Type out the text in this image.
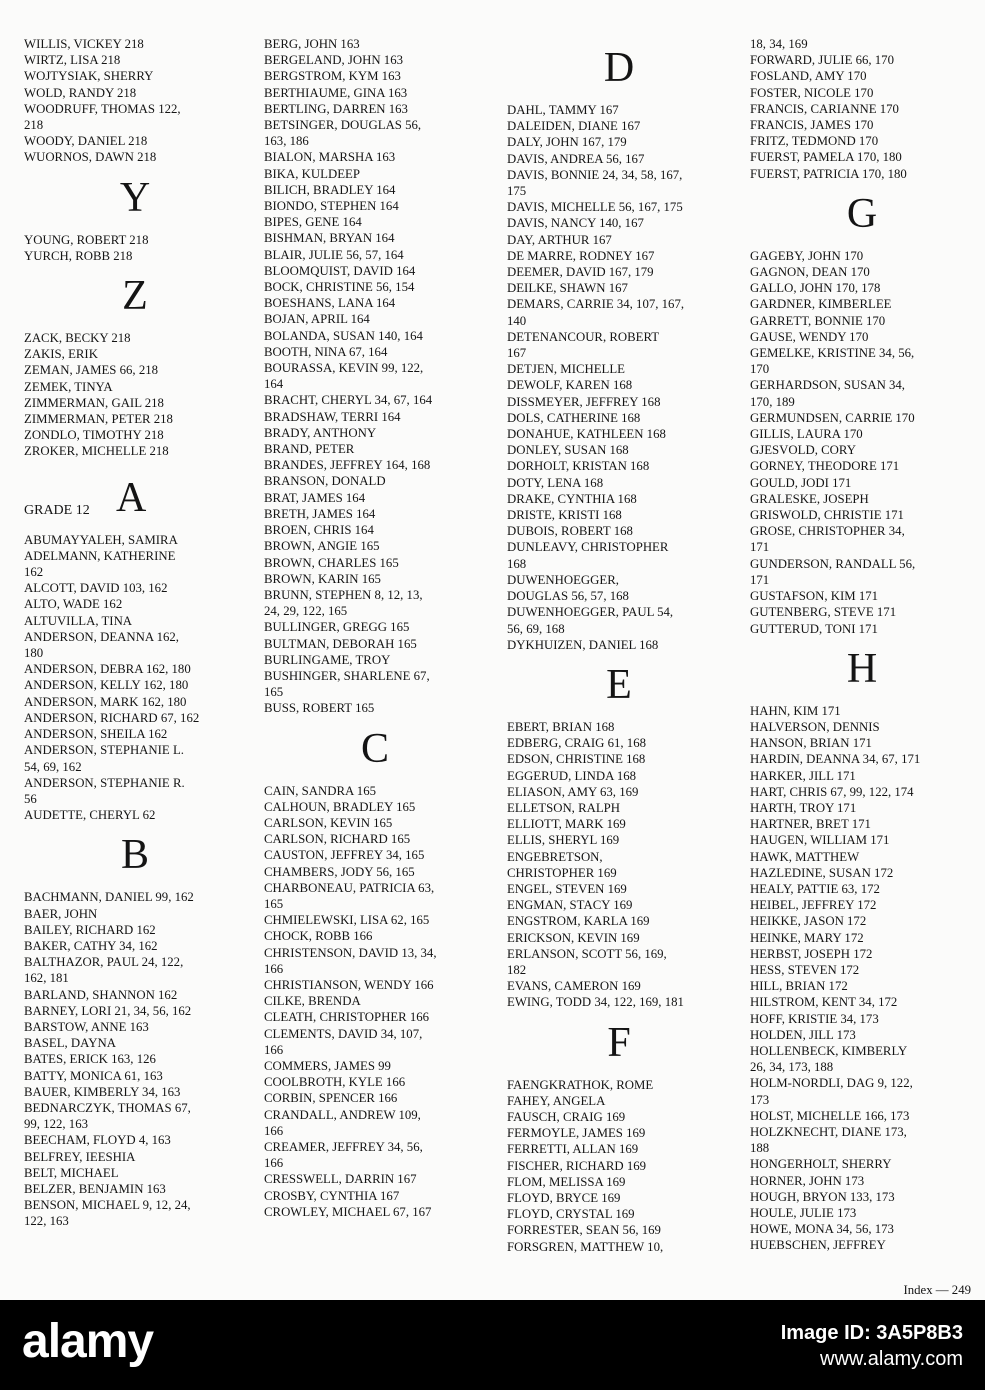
WILLIS, VICKEY 218
WIRTZ, LISA 218
WOJTYSIAK, SHERRY
WOLD, RANDY 218
WOODRUFF, THOMAS 122,
218
WOODY, DANIEL 218
WUORNOS, DAWN 218
Y
YOUNG, ROBERT 218
YURCH, ROBB 218
Z
ZACK, BECKY 218
ZAKIS, ERIK
ZEMAN, JAMES 66, 218
ZEMEK, TINYA
ZIMMERMAN, GAIL 218
ZIMMERMAN, PETER 218
ZONDLO, TIMOTHY 218
ZROKER, MICHELLE 218
GRADE 12 A
ABUMAYYALEH, SAMIRA
ADELMANN, KATHERINE
162
ALCOTT, DAVID 103, 162
ALTO, WADE 162
ALTUVILLA, TINA
ANDERSON, DEANNA 162,
180
ANDERSON, DEBRA 162, 180
ANDERSON, KELLY 162, 180
ANDERSON, MARK 162, 180
ANDERSON, RICHARD 67, 162
ANDERSON, SHEILA 162
ANDERSON, STEPHANIE L.
54, 69, 162
ANDERSON, STEPHANIE R.
56
AUDETTE, CHERYL 62
B
BACHMANN, DANIEL 99, 162
BAER, JOHN
BAILEY, RICHARD 162
BAKER, CATHY 34, 162
BALTHAZOR, PAUL 24, 122,
162, 181
BARLAND, SHANNON 162
BARNEY, LORI 21, 34, 56, 162
BARSTOW, ANNE 163
BASEL, DAYNA
BATES, ERICK 163, 126
BATTY, MONICA 61, 163
BAUER, KIMBERLY 34, 163
BEDNARCZYK, THOMAS 67,
99, 122, 163
BEECHAM, FLOYD 4, 163
BELFREY, IEESHIA
BELT, MICHAEL
BELZER, BENJAMIN 163
BENSON, MICHAEL 9, 12, 24,
122, 163
BERG, JOHN 163
BERGELAND, JOHN 163
BERGSTROM, KYM 163
BERTHIAUME, GINA 163
BERTLING, DARREN 163
BETSINGER, DOUGLAS 56,
163, 186
BIALON, MARSHA 163
BIKA, KULDEEP
BILICH, BRADLEY 164
BIONDO, STEPHEN 164
BIPES, GENE 164
BISHMAN, BRYAN 164
BLAIR, JULIE 56, 57, 164
BLOOMQUIST, DAVID 164
BOCK, CHRISTINE 56, 154
BOESHANS, LANA 164
BOJAN, APRIL 164
BOLANDA, SUSAN 140, 164
BOOTH, NINA 67, 164
BOURASSA, KEVIN 99, 122,
164
BRACHT, CHERYL 34, 67, 164
BRADSHAW, TERRI 164
BRADY, ANTHONY
BRAND, PETER
BRANDES, JEFFREY 164, 168
BRANSON, DONALD
BRAT, JAMES 164
BRETH, JAMES 164
BROEN, CHRIS 164
BROWN, ANGIE 165
BROWN, CHARLES 165
BROWN, KARIN 165
BRUNN, STEPHEN 8, 12, 13,
24, 29, 122, 165
BULLINGER, GREGG 165
BULTMAN, DEBORAH 165
BURLINGAME, TROY
BUSHINGER, SHARLENE 67,
165
BUSS, ROBERT 165
C
CAIN, SANDRA 165
CALHOUN, BRADLEY 165
CARLSON, KEVIN 165
CARLSON, RICHARD 165
CAUSTON, JEFFREY 34, 165
CHAMBERS, JODY 56, 165
CHARBONEAU, PATRICIA 63,
165
CHMIELEWSKI, LISA 62, 165
CHOCK, ROBB 166
CHRISTENSON, DAVID 13, 34,
166
CHRISTIANSON, WENDY 166
CILKE, BRENDA
CLEATH, CHRISTOPHER 166
CLEMENTS, DAVID 34, 107,
166
COMMERS, JAMES 99
COOLBROTH, KYLE 166
CORBIN, SPENCER 166
CRANDALL, ANDREW 109,
166
CREAMER, JEFFREY 34, 56,
166
CRESSWELL, DARRIN 167
CROSBY, CYNTHIA 167
CROWLEY, MICHAEL 67, 167
D
DAHL, TAMMY 167
DALEIDEN, DIANE 167
DALY, JOHN 167, 179
DAVIS, ANDREA 56, 167
DAVIS, BONNIE 24, 34, 58, 167,
175
DAVIS, MICHELLE 56, 167, 175
DAVIS, NANCY 140, 167
DAY, ARTHUR 167
DE MARRE, RODNEY 167
DEEMER, DAVID 167, 179
DEILKE, SHAWN 167
DEMARS, CARRIE 34, 107, 167,
140
DETENANCOUR, ROBERT
167
DETJEN, MICHELLE
DEWOLF, KAREN 168
DISSMEYER, JEFFREY 168
DOLS, CATHERINE 168
DONAHUE, KATHLEEN 168
DONLEY, SUSAN 168
DORHOLT, KRISTAN 168
DOTY, LENA 168
DRAKE, CYNTHIA 168
DRISTE, KRISTI 168
DUBOIS, ROBERT 168
DUNLEAVY, CHRISTOPHER
168
DUWENHOEGGER,
DOUGLAS 56, 57, 168
DUWENHOEGGER, PAUL 54,
56, 69, 168
DYKHUIZEN, DANIEL 168
E
EBERT, BRIAN 168
EDBERG, CRAIG 61, 168
EDSON, CHRISTINE 168
EGGERUD, LINDA 168
ELIASON, AMY 63, 169
ELLETSON, RALPH
ELLIOTT, MARK 169
ELLIS, SHERYL 169
ENGEBRETSON,
CHRISTOPHER 169
ENGEL, STEVEN 169
ENGMAN, STACY 169
ENGSTROM, KARLA 169
ERICKSON, KEVIN 169
ERLANSON, SCOTT 56, 169,
182
EVANS, CAMERON 169
EWING, TODD 34, 122, 169, 181
F
FAENGKRATHOK, ROME
FAHEY, ANGELA
FAUSCH, CRAIG 169
FERMOYLE, JAMES 169
FERRETTI, ALLAN 169
FISCHER, RICHARD 169
FLOM, MELISSA 169
FLOYD, BRYCE 169
FLOYD, CRYSTAL 169
FORRESTER, SEAN 56, 169
FORSGREN, MATTHEW 10,
18, 34, 169
FORWARD, JULIE 66, 170
FOSLAND, AMY 170
FOSTER, NICOLE 170
FRANCIS, CARIANNE 170
FRANCIS, JAMES 170
FRITZ, TEDMOND 170
FUERST, PAMELA 170, 180
FUERST, PATRICIA 170, 180
G
GAGEBY, JOHN 170
GAGNON, DEAN 170
GALLO, JOHN 170, 178
GARDNER, KIMBERLEE
GARRETT, BONNIE 170
GAUSE, WENDY 170
GEMELKE, KRISTINE 34, 56,
170
GERHARDSON, SUSAN 34,
170, 189
GERMUNDSEN, CARRIE 170
GILLIS, LAURA 170
GJESVOLD, CORY
GORNEY, THEODORE 171
GOULD, JODI 171
GRALESKE, JOSEPH
GRISWOLD, CHRISTIE 171
GROSE, CHRISTOPHER 34,
171
GUNDERSON, RANDALL 56,
171
GUSTAFSON, KIM 171
GUTENBERG, STEVE 171
GUTTERUD, TONI 171
H
HAHN, KIM 171
HALVERSON, DENNIS
HANSON, BRIAN 171
HARDIN, DEANNA 34, 67, 171
HARKER, JILL 171
HART, CHRIS 67, 99, 122, 174
HARTH, TROY 171
HARTNER, BRET 171
HAUGEN, WILLIAM 171
HAWK, MATTHEW
HAZLEDINE, SUSAN 172
HEALY, PATTIE 63, 172
HEIBEL, JEFFREY 172
HEIKKE, JASON 172
HEINKE, MARY 172
HERBST, JOSEPH 172
HESS, STEVEN 172
HILL, BRIAN 172
HILSTROM, KENT 34, 172
HOFF, KRISTIE 34, 173
HOLDEN, JILL 173
HOLLENBECK, KIMBERLY
26, 34, 173, 188
HOLM-NORDLI, DAG 9, 122,
173
HOLST, MICHELLE 166, 173
HOLZKNECHT, DIANE 173,
188
HONGERHOLT, SHERRY
HORNER, JOHN 173
HOUGH, BRYON 133, 173
HOULE, JULIE 173
HOWE, MONA 34, 56, 173
HUEBSCHEN, JEFFREY
Index — 249
alamy	Image ID: 3A5P8B3
www.alamy.com
